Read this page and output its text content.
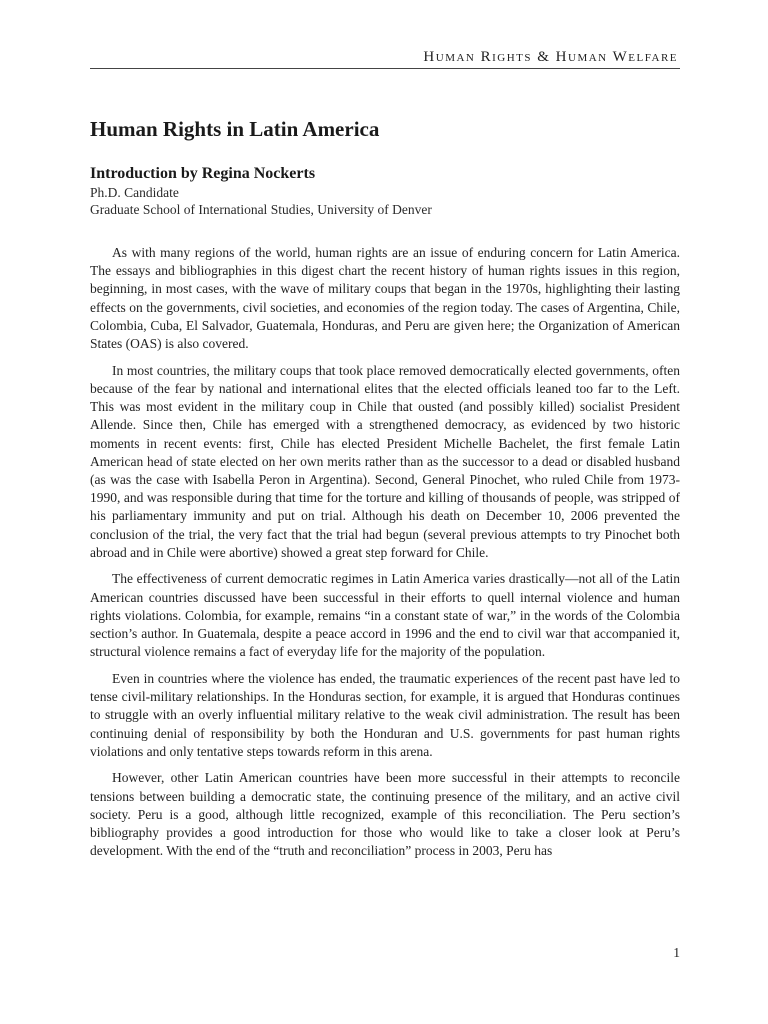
Human Rights & Human Welfare
Human Rights in Latin America
Introduction by Regina Nockerts

Ph.D. Candidate

Graduate School of International Studies, University of Denver

As with many regions of the world, human rights are an issue of enduring concern for Latin America. The essays and bibliographies in this digest chart the recent history of human rights issues in this region, beginning, in most cases, with the wave of military coups that began in the 1970s, highlighting their lasting effects on the governments, civil societies, and economies of the region today. The cases of Argentina, Chile, Colombia, Cuba, El Salvador, Guatemala, Honduras, and Peru are given here; the Organization of American States (OAS) is also covered.

In most countries, the military coups that took place removed democratically elected governments, often because of the fear by national and international elites that the elected officials leaned too far to the Left. This was most evident in the military coup in Chile that ousted (and possibly killed) socialist President Allende. Since then, Chile has emerged with a strengthened democracy, as evidenced by two historic moments in recent events: first, Chile has elected President Michelle Bachelet, the first female Latin American head of state elected on her own merits rather than as the successor to a dead or disabled husband (as was the case with Isabella Peron in Argentina). Second, General Pinochet, who ruled Chile from 1973-1990, and was responsible during that time for the torture and killing of thousands of people, was stripped of his parliamentary immunity and put on trial. Although his death on December 10, 2006 prevented the conclusion of the trial, the very fact that the trial had begun (several previous attempts to try Pinochet both abroad and in Chile were abortive) showed a great step forward for Chile.

The effectiveness of current democratic regimes in Latin America varies drastically—not all of the Latin American countries discussed have been successful in their efforts to quell internal violence and human rights violations. Colombia, for example, remains “in a constant state of war,” in the words of the Colombia section’s author. In Guatemala, despite a peace accord in 1996 and the end to civil war that accompanied it, structural violence remains a fact of everyday life for the majority of the population.

Even in countries where the violence has ended, the traumatic experiences of the recent past have led to tense civil-military relationships. In the Honduras section, for example, it is argued that Honduras continues to struggle with an overly influential military relative to the weak civil administration. The result has been continuing denial of responsibility by both the Honduran and U.S. governments for past human rights violations and only tentative steps towards reform in this arena.

However, other Latin American countries have been more successful in their attempts to reconcile tensions between building a democratic state, the continuing presence of the military, and an active civil society. Peru is a good, although little recognized, example of this reconciliation. The Peru section’s bibliography provides a good introduction for those who would like to take a closer look at Peru’s development. With the end of the “truth and reconciliation” process in 2003, Peru has

1
